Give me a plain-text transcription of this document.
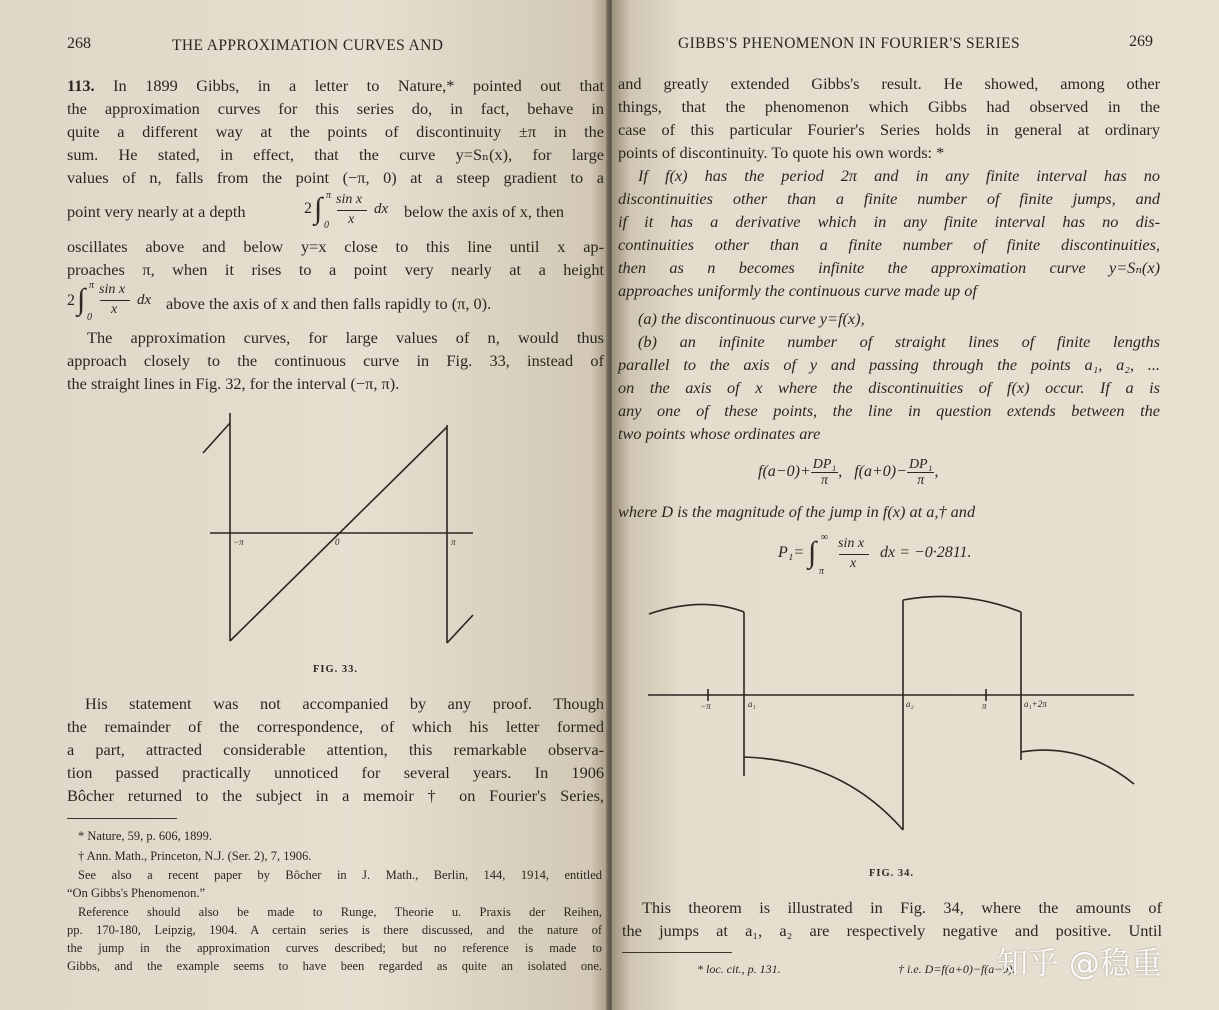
268	THE APPROXIMATION CURVES AND
113. In 1899 Gibbs, in a letter to Nature,* pointed out that
the approximation curves for this series do, in fact, behave in
quite a different way at the points of discontinuity ±π in the
sum. He stated, in effect, that the curve y=Sₙ(x), for large
values of n, falls from the point (−π, 0) at a steep gradient to a
point very nearly at a depth	2 ∫ π
0
sin x
x
dx below the axis of x, then
oscillates above and below y=x close to this line until x ap-
proaches π, when it rises to a point very nearly at a height
2 ∫ π
0
sin x
x
dx above the axis of x and then falls rapidly to (π, 0).
The approximation curves, for large values of n, would thus
approach closely to the continuous curve in Fig. 33, instead of
the straight lines in Fig. 32, for the interval (−π, π).
−π	0	π
FIG. 33.
His statement was not accompanied by any proof. Though
the remainder of the correspondence, of which his letter formed
a part, attracted considerable attention, this remarkable observa-
tion passed practically unnoticed for several years. In 1906
Bôcher returned to the subject in a memoir † on Fourier's Series,
* Nature, 59, p. 606, 1899.
† Ann. Math., Princeton, N.J. (Ser. 2), 7, 1906.
See also a recent paper by Bôcher in J. Math., Berlin, 144, 1914, entitled
“On Gibbs's Phenomenon.”
Reference should also be made to Runge, Theorie u. Praxis der Reihen,
pp. 170-180, Leipzig, 1904. A certain series is there discussed, and the nature of
the jump in the approximation curves described; but no reference is made to
Gibbs, and the example seems to have been regarded as quite an isolated one.
GIBBS'S PHENOMENON IN FOURIER'S SERIES	269
and greatly extended Gibbs's result. He showed, among other
things, that the phenomenon which Gibbs had observed in the
case of this particular Fourier's Series holds in general at ordinary
points of discontinuity. To quote his own words: *
If f(x) has the period 2π and in any finite interval has no
discontinuities other than a finite number of finite jumps, and
if it has a derivative which in any finite interval has no dis-
continuities other than a finite number of finite discontinuities,
then as n becomes infinite the approximation curve y=Sₙ(x)
approaches uniformly the continuous curve made up of
(a) the discontinuous curve y=f(x),
(b) an infinite number of straight lines of finite lengths
parallel to the axis of y and passing through the points a₁, a₂, ...
on the axis of x where the discontinuities of f(x) occur. If a is
any one of these points, the line in question extends between the
two points whose ordinates are
$f(a-0)+ \frac{\text{DP₁}}{\pi}$ , $f(a+0)- \frac{\text{DP₁}}{\pi}$ ,
where D is the magnitude of the jump in f(x) at a,† and
P₁= ∫ ∞
π
sin x
x
dx = −0·2811.
−π	a₁	a₂	π	a₁+2π
FIG. 34.
This theorem is illustrated in Fig. 34, where the amounts of
the jumps at a₁, a₂ are respectively negative and positive. Until
* loc. cit., p. 131.	† i.e. D=f(a+0)−f(a−0).
知乎 @稳重
